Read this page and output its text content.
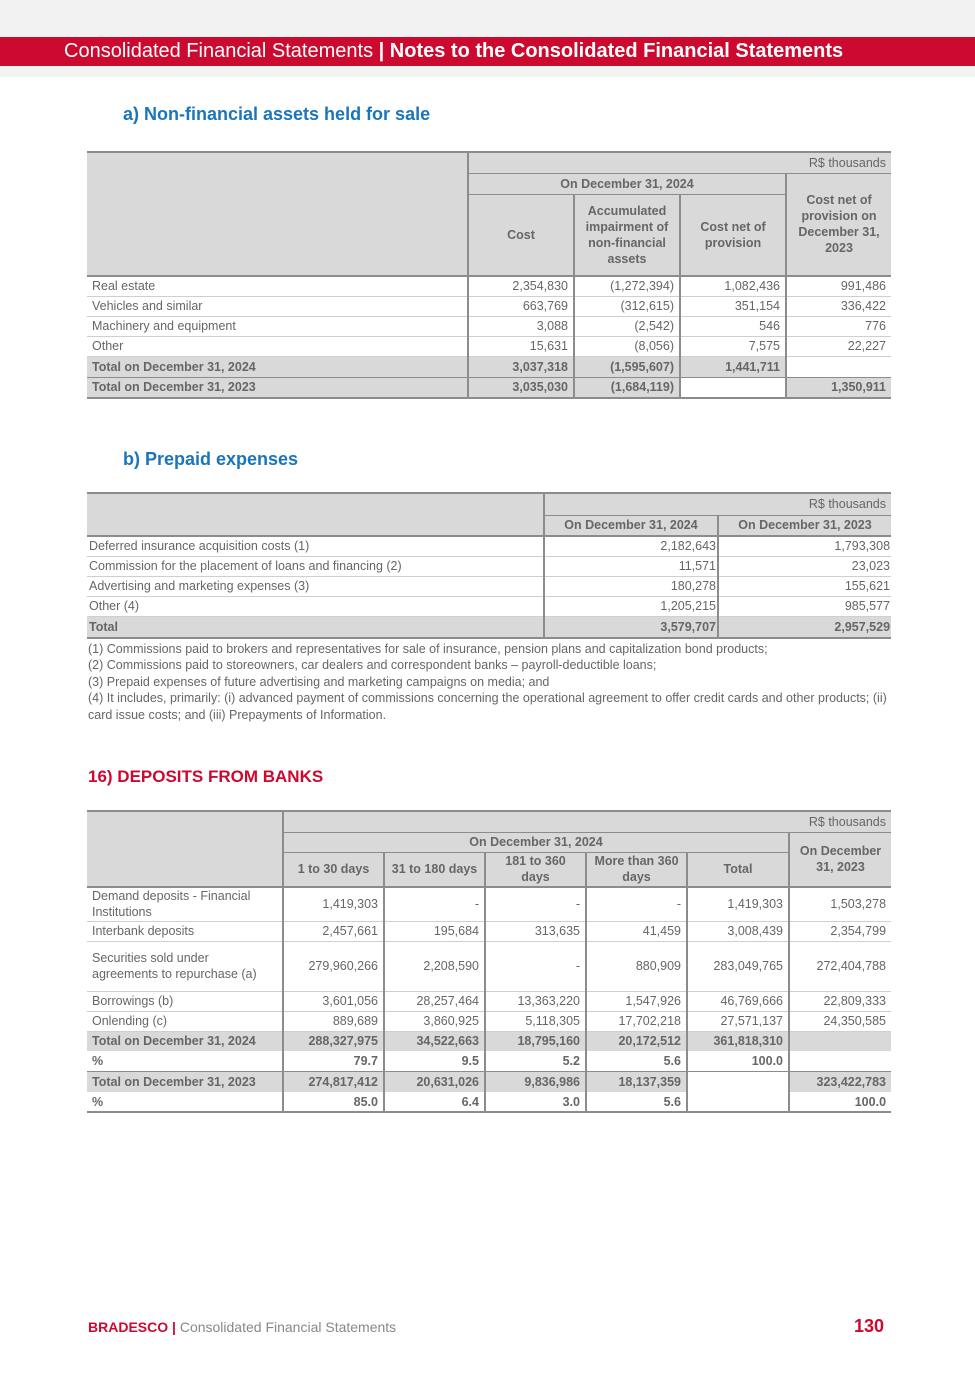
Consolidated Financial Statements | Notes to the Consolidated Financial Statements
a) Non-financial assets held for sale
	R$ thousands			
	On December 31, 2024			Cost net of provision on December 31, 2023
	Cost	Accumulated impairment of non-financial assets	Cost net of provision	
Real estate	2,354,830	(1,272,394)	1,082,436	991,486
Vehicles and similar	663,769	(312,615)	351,154	336,422
Machinery and equipment	3,088	(2,542)	546	776
Other	15,631	(8,056)	7,575	22,227
Total on December 31, 2024	3,037,318	(1,595,607)	1,441,711	
Total on December 31, 2023	3,035,030	(1,684,119)		1,350,911
b) Prepaid expenses
	R$ thousands	
	On December 31, 2024	On December 31, 2023
Deferred insurance acquisition costs (1)	2,182,643	1,793,308
Commission for the placement of loans and financing (2)	11,571	23,023
Advertising and marketing expenses (3)	180,278	155,621
Other (4)	1,205,215	985,577
Total	3,579,707	2,957,529
(1) Commissions paid to brokers and representatives for sale of insurance, pension plans and capitalization bond products;
(2) Commissions paid to storeowners, car dealers and correspondent banks – payroll-deductible loans;
(3) Prepaid expenses of future advertising and marketing campaigns on media; and
(4) It includes, primarily: (i) advanced payment of commissions concerning the operational agreement to offer credit cards and other products; (ii) card issue costs; and (iii) Prepayments of Information.
16) DEPOSITS FROM BANKS
	R$ thousands					
	On December 31, 2024					On December 31, 2023
	1 to 30 days	31 to 180 days	181 to 360 days	More than 360 days	Total	
Demand deposits - Financial Institutions	1,419,303	-	-	-	1,419,303	1,503,278
Interbank deposits	2,457,661	195,684	313,635	41,459	3,008,439	2,354,799
Securities sold under agreements to repurchase (a)	279,960,266	2,208,590	-	880,909	283,049,765	272,404,788
Borrowings (b)	3,601,056	28,257,464	13,363,220	1,547,926	46,769,666	22,809,333
Onlending (c)	889,689	3,860,925	5,118,305	17,702,218	27,571,137	24,350,585
Total on December 31, 2024	288,327,975	34,522,663	18,795,160	20,172,512	361,818,310	
%	79.7	9.5	5.2	5.6	100.0	
Total on December 31, 2023	274,817,412	20,631,026	9,836,986	18,137,359		323,422,783
%	85.0	6.4	3.0	5.6		100.0
BRADESCO | Consolidated Financial Statements	130
